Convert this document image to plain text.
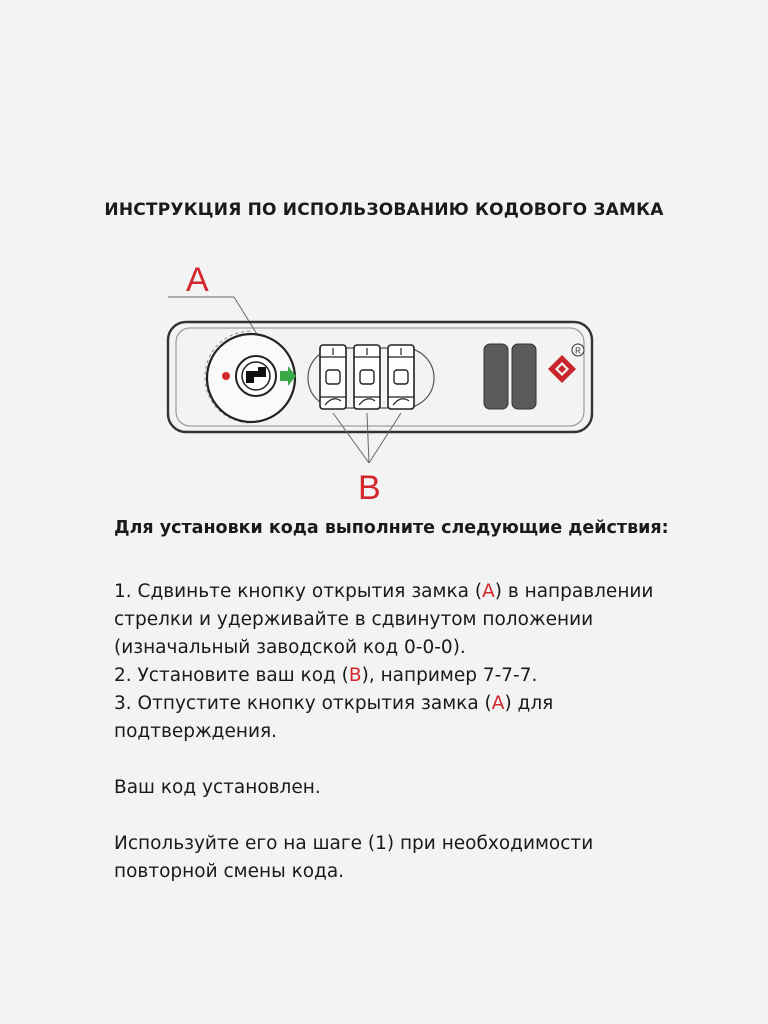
ИНСТРУКЦИЯ ПО ИСПОЛЬЗОВАНИЮ КОДОВОГО ЗАМКА
A
R
B
Для установки кода выполните следующие действия:

1. Сдвиньте кнопку открытия замка (А) в направлении стрелки и удерживайте в сдвинутом положении (изначальный заводской код 0-0-0).

2. Установите ваш код (В), например 7-7-7.

3. Отпустите кнопку открытия замка (А) для подтверждения.

Ваш код установлен.

Используйте его на шаге (1) при необходимости повторной смены кода.
